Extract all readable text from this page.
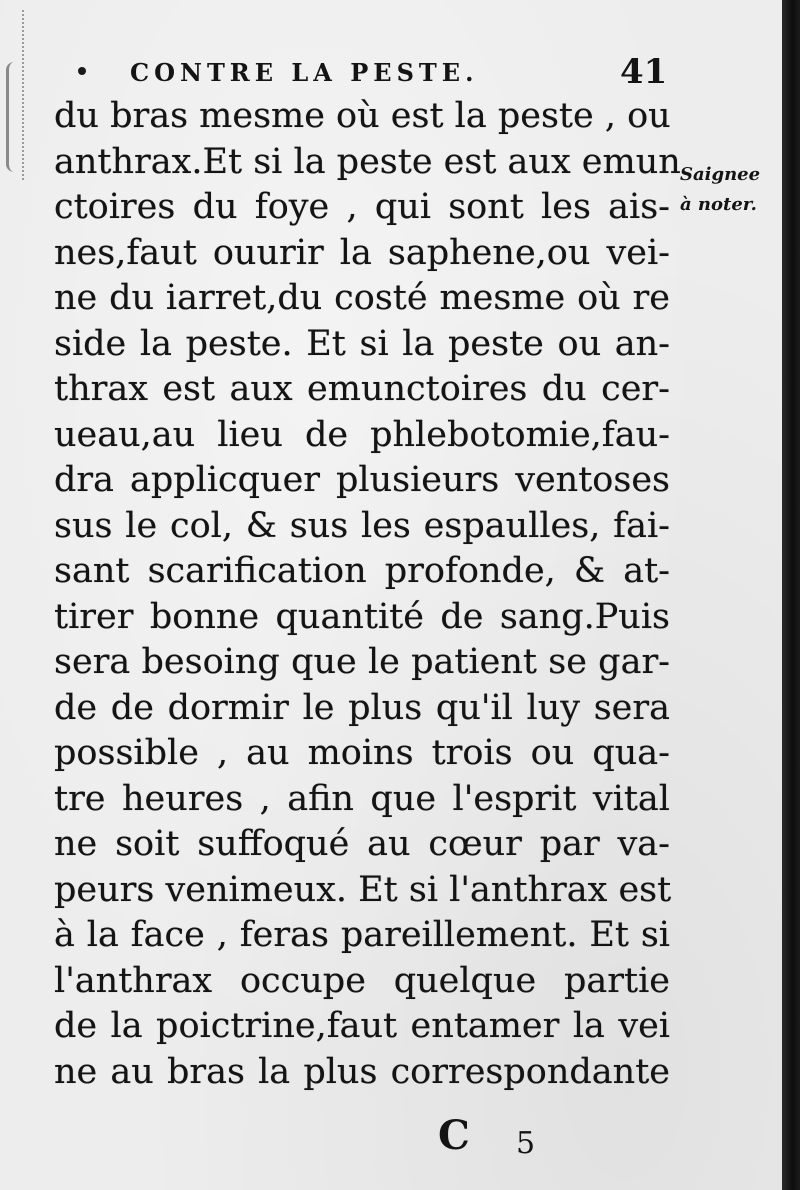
CONTRE LA PESTE.	41
du bras mesme où est la peste , ou
anthrax.Et si la peste est aux emun
ctoires du foye , qui sont les ais-
nes,faut ouurir la saphene,ou vei-
ne du iarret,du costé mesme où re
side la peste. Et si la peste ou an-
thrax est aux emunctoires du cer-
ueau,au lieu de phlebotomie,fau-
dra applicquer plusieurs ventoses
sus le col, & sus les espaulles, fai-
sant scarification profonde, & at-
tirer bonne quantité de sang.Puis
sera besoing que le patient se gar-
de de dormir le plus qu'il luy sera
possible , au moins trois ou qua-
tre heures , afin que l'esprit vital
ne soit suffoqué au cœur par va-
peurs venimeux. Et si l'anthrax est
à la face , feras pareillement. Et si
l'anthrax occupe quelque partie
de la poictrine,faut entamer la vei
ne au bras la plus correspondante
Saignee
à noter.
C 5
